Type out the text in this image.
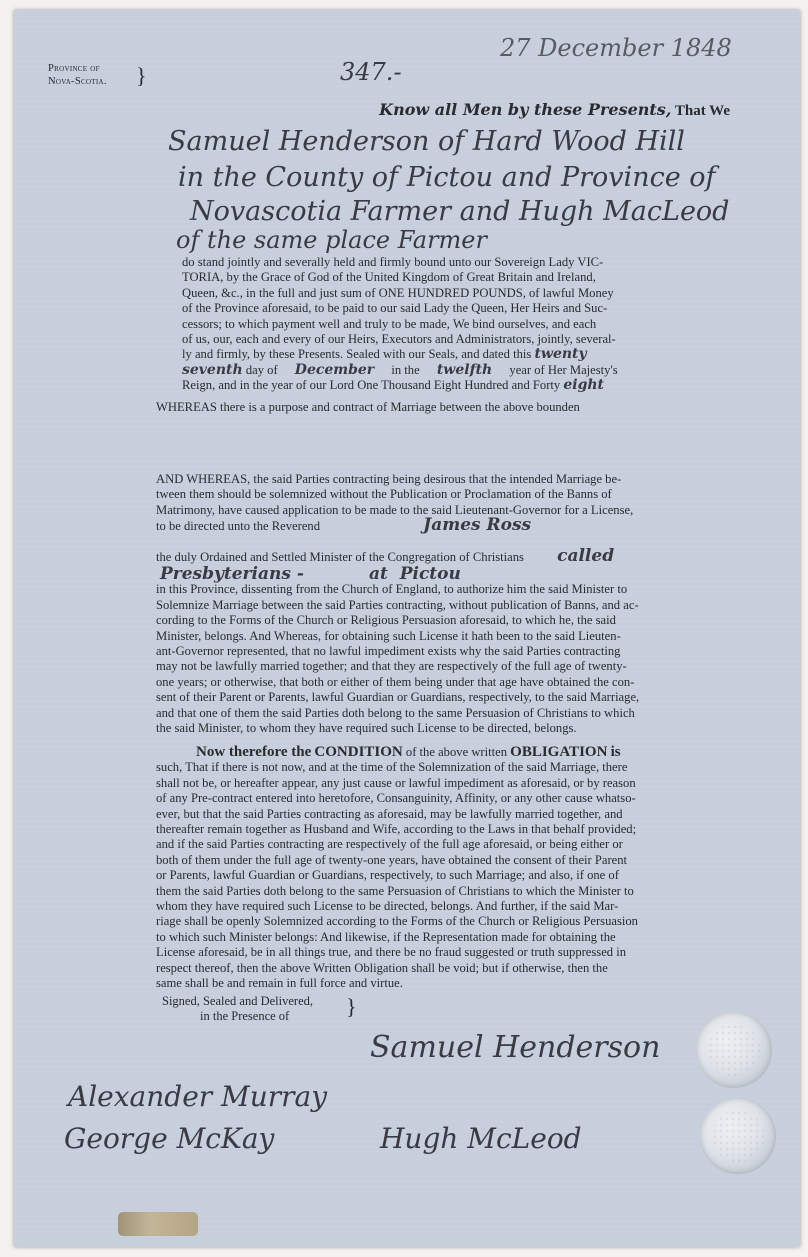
Province of
Nova-Scotia. }	347.-
27 December 1848
Know all Men by these Presents, That We
Samuel Henderson of Hard Wood Hill
in the County of Pictou and Province of
Novascotia Farmer and Hugh MacLeod
of the same place Farmer
do stand jointly and severally held and firmly bound unto our Sovereign Lady VIC-
TORIA, by the Grace of God of the United Kingdom of Great Britain and Ireland,
Queen, &c., in the full and just sum of ONE HUNDRED POUNDS, of lawful Money
of the Province aforesaid, to be paid to our said Lady the Queen, Her Heirs and Suc-
cessors; to which payment well and truly to be made, We bind ourselves, and each
of us, our, each and every of our Heirs, Executors and Administrators, jointly, several-
ly and firmly, by these Presents. Sealed with our Seals, and dated this twenty
seventh day of December in the twelfth year of Her Majesty's
Reign, and in the year of our Lord One Thousand Eight Hundred and Forty eight
WHEREAS there is a purpose and contract of Marriage between the above bounden
AND WHEREAS, the said Parties contracting being desirous that the intended Marriage be-
tween them should be solemnized without the Publication or Proclamation of the Banns of
Matrimony, have caused application to be made to the said Lieutenant-Governor for a License,
to be directed unto the Reverend	James Ross
the duly Ordained and Settled Minister of the Congregation of Christians called
Presbyterians -           at  Pictou
in this Province, dissenting from the Church of England, to authorize him the said Minister to
Solemnize Marriage between the said Parties contracting, without publication of Banns, and ac-
cording to the Forms of the Church or Religious Persuasion aforesaid, to which he, the said
Minister, belongs. And Whereas, for obtaining such License it hath been to the said Lieuten-
ant-Governor represented, that no lawful impediment exists why the said Parties contracting
may not be lawfully married together; and that they are respectively of the full age of twenty-
one years; or otherwise, that both or either of them being under that age have obtained the con-
sent of their Parent or Parents, lawful Guardian or Guardians, respectively, to the said Marriage,
and that one of them the said Parties doth belong to the same Persuasion of Christians to which
the said Minister, to whom they have required such License to be directed, belongs.
Now therefore the CONDITION of the above written OBLIGATION is
such, That if there is not now, and at the time of the Solemnization of the said Marriage, there
shall not be, or hereafter appear, any just cause or lawful impediment as aforesaid, or by reason
of any Pre-contract entered into heretofore, Consanguinity, Affinity, or any other cause whatso-
ever, but that the said Parties contracting as aforesaid, may be lawfully married together, and
thereafter remain together as Husband and Wife, according to the Laws in that behalf provided;
and if the said Parties contracting are respectively of the full age aforesaid, or being either or
both of them under the full age of twenty-one years, have obtained the consent of their Parent
or Parents, lawful Guardian or Guardians, respectively, to such Marriage; and also, if one of
them the said Parties doth belong to the same Persuasion of Christians to which the Minister to
whom they have required such License to be directed, belongs. And further, if the said Mar-
riage shall be openly Solemnized according to the Forms of the Church or Religious Persuasion
to which such Minister belongs: And likewise, if the Representation made for obtaining the
License aforesaid, be in all things true, and there be no fraud suggested or truth suppressed in
respect thereof, then the above Written Obligation shall be void; but if otherwise, then the
same shall be and remain in full force and virtue.
Signed, Sealed and Delivered,
in the Presence of	}
Samuel Henderson
Alexander Murray
George McKay	Hugh McLeod
